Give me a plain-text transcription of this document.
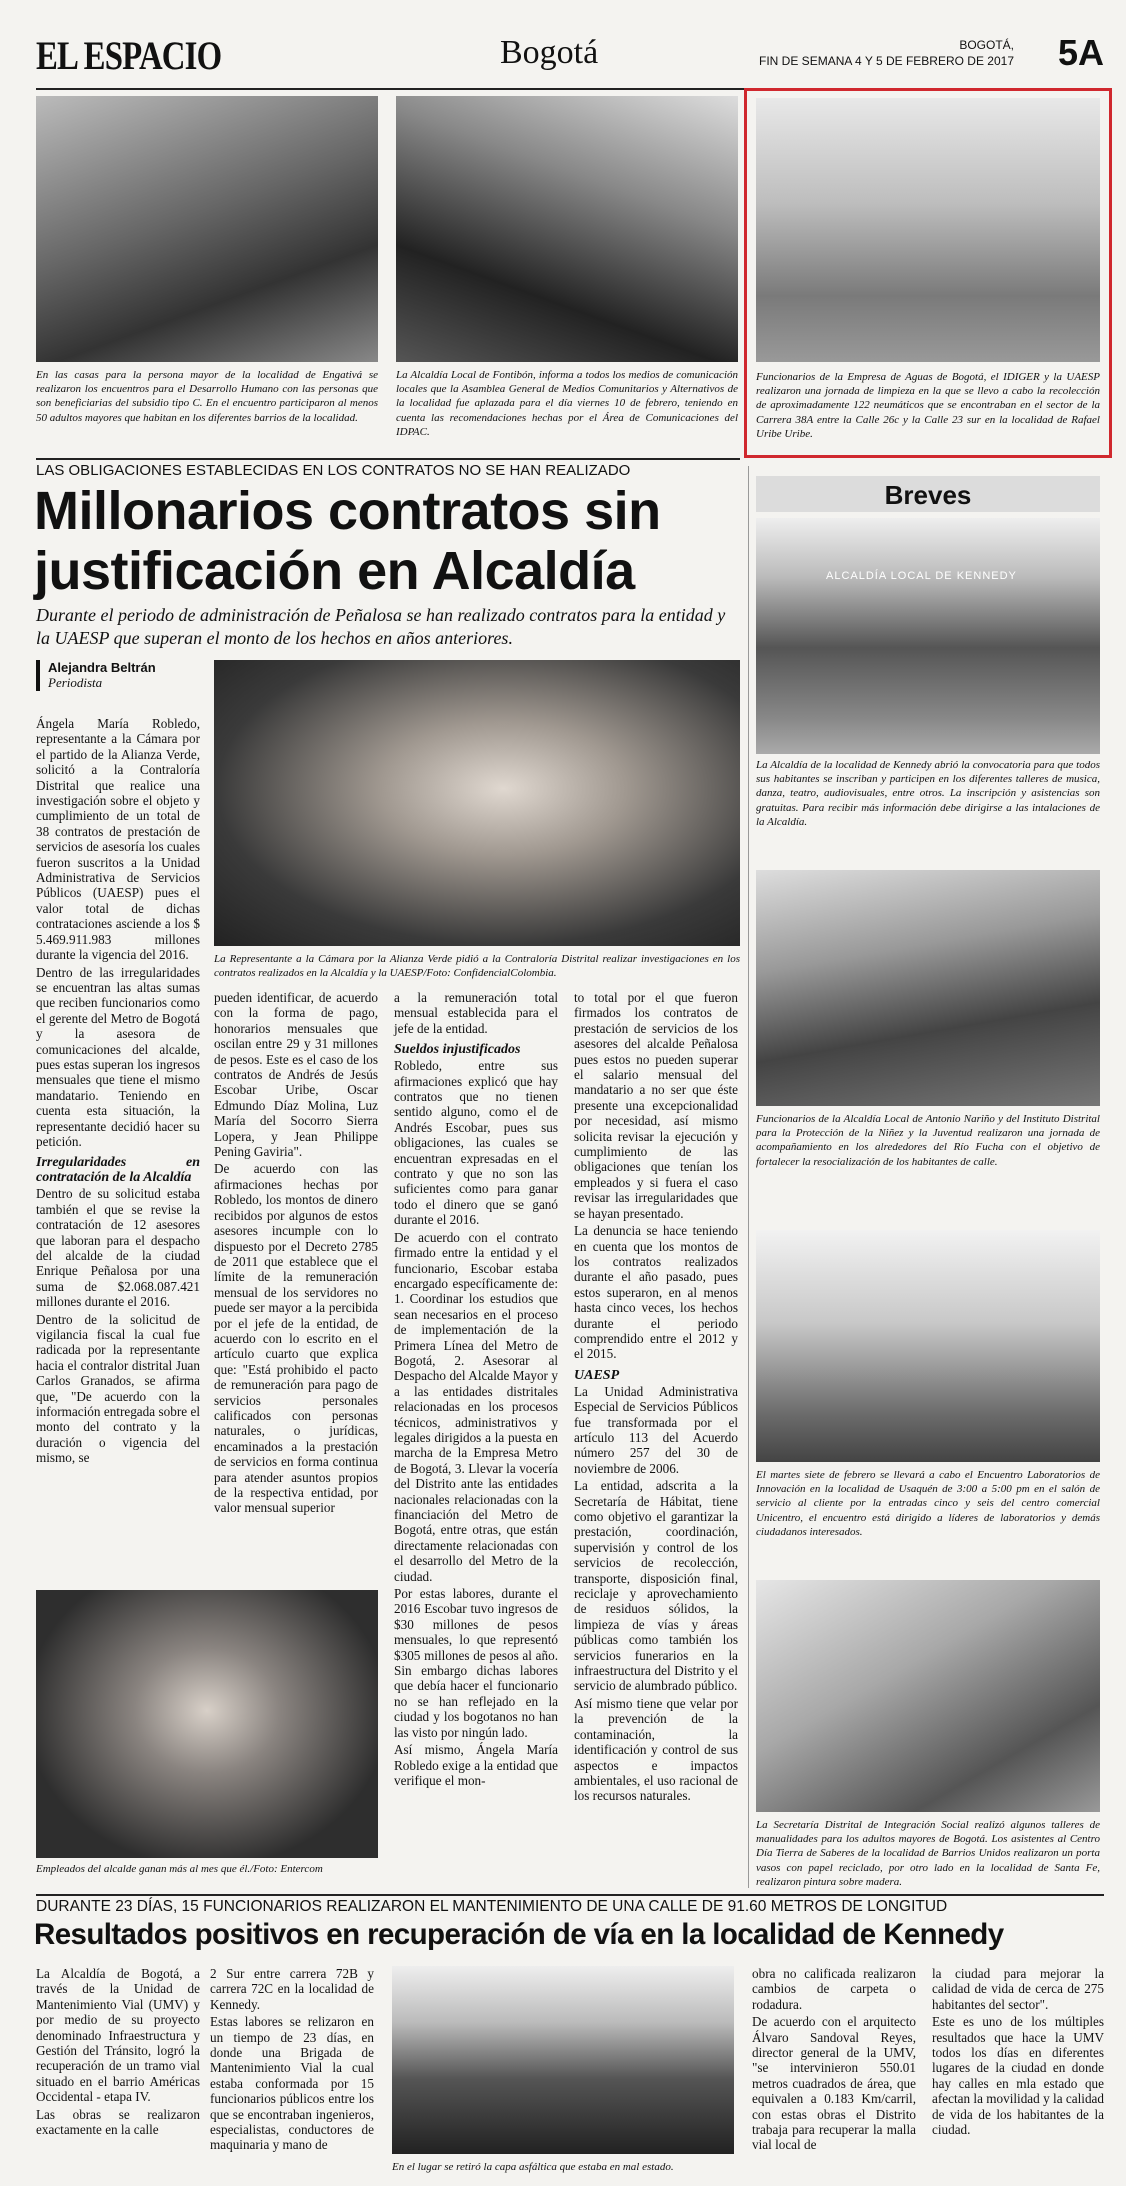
EL ESPACIO	Bogotá	BOGOTÁ,
FIN DE SEMANA 4 Y 5 DE FEBRERO DE 2017 5A
En las casas para la persona mayor de la localidad de Engativá se realizaron los encuentros para el Desarrollo Humano con las personas que son beneficiarias del subsidio tipo C. En el encuentro participaron al menos 50 adultos mayores que habitan en los diferentes barrios de la localidad.
La Alcaldía Local de Fontibón, informa a todos los medios de comunicación locales que la Asamblea General de Medios Comunitarios y Alternativos de la localidad fue aplazada para el día viernes 10 de febrero, teniendo en cuenta las recomendaciones hechas por el Área de Comunicaciones del IDPAC.
Funcionarios de la Empresa de Aguas de Bogotá, el IDIGER y la UAESP realizaron una jornada de limpieza en la que se llevo a cabo la recolección de aproximadamente 122 neumáticos que se encontraban en el sector de la Carrera 38A entre la Calle 26c y la Calle 23 sur en la localidad de Rafael Uribe Uribe.
LAS OBLIGACIONES ESTABLECIDAS EN LOS CONTRATOS NO SE HAN REALIZADO
Millonarios contratos sin
justificación en Alcaldía
Durante el periodo de administración de Peñalosa se han realizado contratos para la entidad y la UAESP que superan el monto de los hechos en años anteriores.
Alejandra Beltrán
Periodista
La Representante a la Cámara por la Alianza Verde pidió a la Contraloría Distrital realizar investigaciones en los contratos realizados en la Alcaldía y la UAESP/Foto: ConfidencialColombia.

Ángela María Robledo, representante a la Cámara por el partido de la Alianza Verde, solicitó a la Contraloría Distrital que realice una investigación sobre el objeto y cumplimiento de un total de 38 contratos de prestación de servicios de asesoría los cuales fueron suscritos a la Unidad Administrativa de Servicios Públicos (UAESP) pues el valor total de dichas contrataciones asciende a los $ 5.469.911.983 millones durante la vigencia del 2016.

Dentro de las irregularidades se encuentran las altas sumas que reciben funcionarios como el gerente del Metro de Bogotá y la asesora de comunicaciones del alcalde, pues estas superan los ingresos mensuales que tiene el mismo mandatario. Teniendo en cuenta esta situación, la representante decidió hacer su petición.

Irregularidades en contratación de la Alcaldía

Dentro de su solicitud estaba también el que se revise la contratación de 12 asesores que laboran para el despacho del alcalde de la ciudad Enrique Peñalosa por una suma de $2.068.087.421 millones durante el 2016.

Dentro de la solicitud de vigilancia fiscal la cual fue radicada por la representante hacia el contralor distrital Juan Carlos Granados, se afirma que, "De acuerdo con la información entregada sobre el monto del contrato y la duración o vigencia del mismo, se

pueden identificar, de acuerdo con la forma de pago, honorarios mensuales que oscilan entre 29 y 31 millones de pesos. Este es el caso de los contratos de Andrés de Jesús Escobar Uribe, Oscar Edmundo Díaz Molina, Luz María del Socorro Sierra Lopera, y Jean Philippe Pening Gaviria".

De acuerdo con las afirmaciones hechas por Robledo, los montos de dinero recibidos por algunos de estos asesores incumple con lo dispuesto por el Decreto 2785 de 2011 que establece que el límite de la remuneración mensual de los servidores no puede ser mayor a la percibida por el jefe de la entidad, de acuerdo con lo escrito en el artículo cuarto que explica que: "Está prohibido el pacto de remuneración para pago de servicios personales calificados con personas naturales, o jurídicas, encaminados a la prestación de servicios en forma continua para atender asuntos propios de la respectiva entidad, por valor mensual superior

a la remuneración total mensual establecida para el jefe de la entidad.

Sueldos injustificados

Robledo, entre sus afirmaciones explicó que hay contratos que no tienen sentido alguno, como el de Andrés Escobar, pues sus obligaciones, las cuales se encuentran expresadas en el contrato y que no son las suficientes como para ganar todo el dinero que se ganó durante el 2016.

De acuerdo con el contrato firmado entre la entidad y el funcionario, Escobar estaba encargado específicamente de: 1. Coordinar los estudios que sean necesarios en el proceso de implementación de la Primera Línea del Metro de Bogotá, 2. Asesorar al Despacho del Alcalde Mayor y a las entidades distritales relacionadas en los procesos técnicos, administrativos y legales dirigidos a la puesta en marcha de la Empresa Metro de Bogotá, 3. Llevar la vocería del Distrito ante las entidades nacionales relacionadas con la financiación del Metro de Bogotá, entre otras, que están directamente relacionadas con el desarrollo del Metro de la ciudad.

Por estas labores, durante el 2016 Escobar tuvo ingresos de $30 millones de pesos mensuales, lo que representó $305 millones de pesos al año. Sin embargo dichas labores que debía hacer el funcionario no se han reflejado en la ciudad y los bogotanos no han las visto por ningún lado.

Así mismo, Ángela María Robledo exige a la entidad que verifique el mon-

to total por el que fueron firmados los contratos de prestación de servicios de los asesores del alcalde Peñalosa pues estos no pueden superar el salario mensual del mandatario a no ser que éste presente una excepcionalidad por necesidad, así mismo solicita revisar la ejecución y cumplimiento de las obligaciones que tenían los empleados y si fuera el caso revisar las irregularidades que se hayan presentado.

La denuncia se hace teniendo en cuenta que los montos de los contratos realizados durante el año pasado, pues estos superaron, en al menos hasta cinco veces, los hechos durante el periodo comprendido entre el 2012 y el 2015.

UAESP

La Unidad Administrativa Especial de Servicios Públicos fue transformada por el artículo 113 del Acuerdo número 257 del 30 de noviembre de 2006.

La entidad, adscrita a la Secretaría de Hábitat, tiene como objetivo el garantizar la prestación, coordinación, supervisión y control de los servicios de recolección, transporte, disposición final, reciclaje y aprovechamiento de residuos sólidos, la limpieza de vías y áreas públicas como también los servicios funerarios en la infraestructura del Distrito y el servicio de alumbrado público.

Así mismo tiene que velar por la prevención de la contaminación, la identificación y control de sus aspectos e impactos ambientales, el uso racional de los recursos naturales.

Empleados del alcalde ganan más al mes que él./Foto: Entercom
Breves
ALCALDÍA LOCAL DE KENNEDY
La Alcaldía de la localidad de Kennedy abrió la convocatoria para que todos sus habitantes se inscriban y participen en los diferentes talleres de musica, danza, teatro, audiovisuales, entre otros. La inscripción y asistencias son gratuitas. Para recibir más información debe dirigirse a las intalaciones de la Alcaldía.
Funcionarios de la Alcaldía Local de Antonio Nariño y del Instituto Distrital para la Protección de la Niñez y la Juventud realizaron una jornada de acompañamiento en los alrededores del Río Fucha con el objetivo de fortalecer la resocialización de los habitantes de calle.
El martes siete de febrero se llevará a cabo el Encuentro Laboratorios de Innovación en la localidad de Usaquén de 3:00 a 5:00 pm en el salón de servicio al cliente por la entradas cinco y seis del centro comercial Unicentro, el encuentro está dirigido a líderes de laboratorios y demás ciudadanos interesados.
La Secretaría Distrital de Integración Social realizó algunos talleres de manualidades para los adultos mayores de Bogotá. Los asistentes al Centro Día Tierra de Saberes de la localidad de Barrios Unidos realizaron un porta vasos con papel reciclado, por otro lado en la localidad de Santa Fe, realizaron pintura sobre madera.
DURANTE 23 DÍAS, 15 FUNCIONARIOS REALIZARON EL MANTENIMIENTO DE UNA CALLE DE 91.60 METROS DE LONGITUD
Resultados positivos en recuperación de vía en la localidad de Kennedy

La Alcaldía de Bogotá, a través de la Unidad de Mantenimiento Vial (UMV) y por medio de su proyecto denominado Infraestructura y Gestión del Tránsito, logró la recuperación de un tramo vial situado en el barrio Américas Occidental - etapa IV.

Las obras se realizaron exactamente en la calle

2 Sur entre carrera 72B y carrera 72C en la localidad de Kennedy.

Estas labores se relizaron en un tiempo de 23 días, en donde una Brigada de Mantenimiento Vial la cual estaba conformada por 15 funcionarios públicos entre los que se encontraban ingenieros, especialistas, conductores de maquinaria y mano de

En el lugar se retiró la capa asfáltica que estaba en mal estado.

obra no calificada realizaron cambios de carpeta o rodadura.

De acuerdo con el arquitecto Álvaro Sandoval Reyes, director general de la UMV, "se intervinieron 550.01 metros cuadrados de área, que equivalen a 0.183 Km/carril, con estas obras el Distrito trabaja para recuperar la malla vial local de

la ciudad para mejorar la calidad de vida de cerca de 275 habitantes del sector".

Este es uno de los múltiples resultados que hace la UMV todos los días en diferentes lugares de la ciudad en donde hay calles en mla estado que afectan la movilidad y la calidad de vida de los habitantes de la ciudad.
